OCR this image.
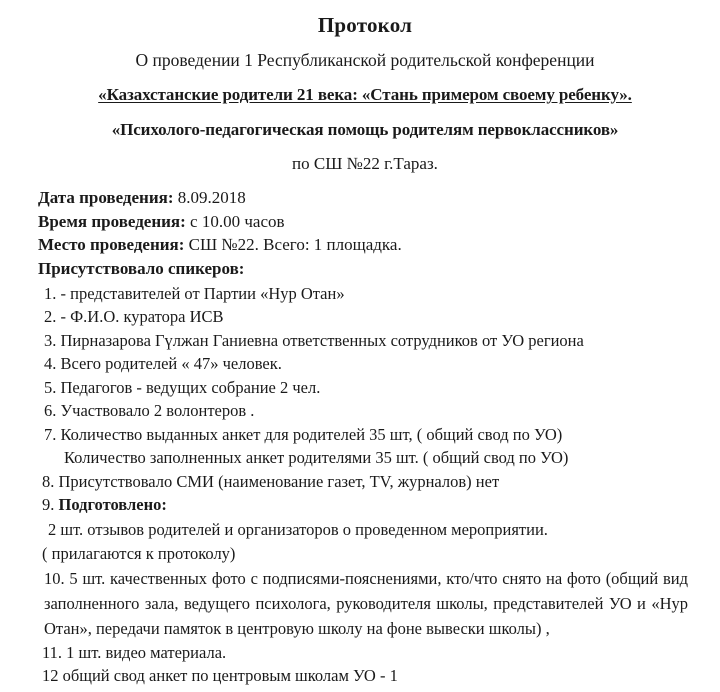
Протокол

О проведении 1 Республиканской родительской конференции

«Казахстанские родители 21 века: «Стань примером своему ребенку».

«Психолого-педагогическая помощь родителям первоклассников»

по СШ №22 г.Тараз.

Дата проведения: 8.09.2018

Время проведения: с 10.00 часов

Место проведения: СШ №22. Всего: 1 площадка.

Присутствовало спикеров:

1. - представителей от Партии «Нур Отан»

2. - Ф.И.О. куратора ИСВ

3. Пирназарова Гүлжан Ганиевна ответственных сотрудников от УО региона

4. Всего родителей « 47» человек.

5. Педагогов - ведущих собрание 2 чел.

6. Участвовало 2 волонтеров .

7. Количество выданных анкет для родителей 35 шт, ( общий свод по УО)

Количество заполненных анкет родителями 35 шт. ( общий свод по УО)

8. Присутствовало СМИ (наименование газет, TV, журналов) нет

9. Подготовлено:

2 шт. отзывов родителей и организаторов о проведенном мероприятии.

( прилагаются к протоколу)

10. 5 шт. качественных фото с подписями-пояснениями, кто/что снято на фото (общий вид заполненного зала, ведущего психолога, руководителя школы, представителей УО и «Нур Отан», передачи памяток в центровую школу на фоне вывески школы) ,

11. 1 шт. видео материала.

12 общий свод анкет по центровым школам УО - 1
